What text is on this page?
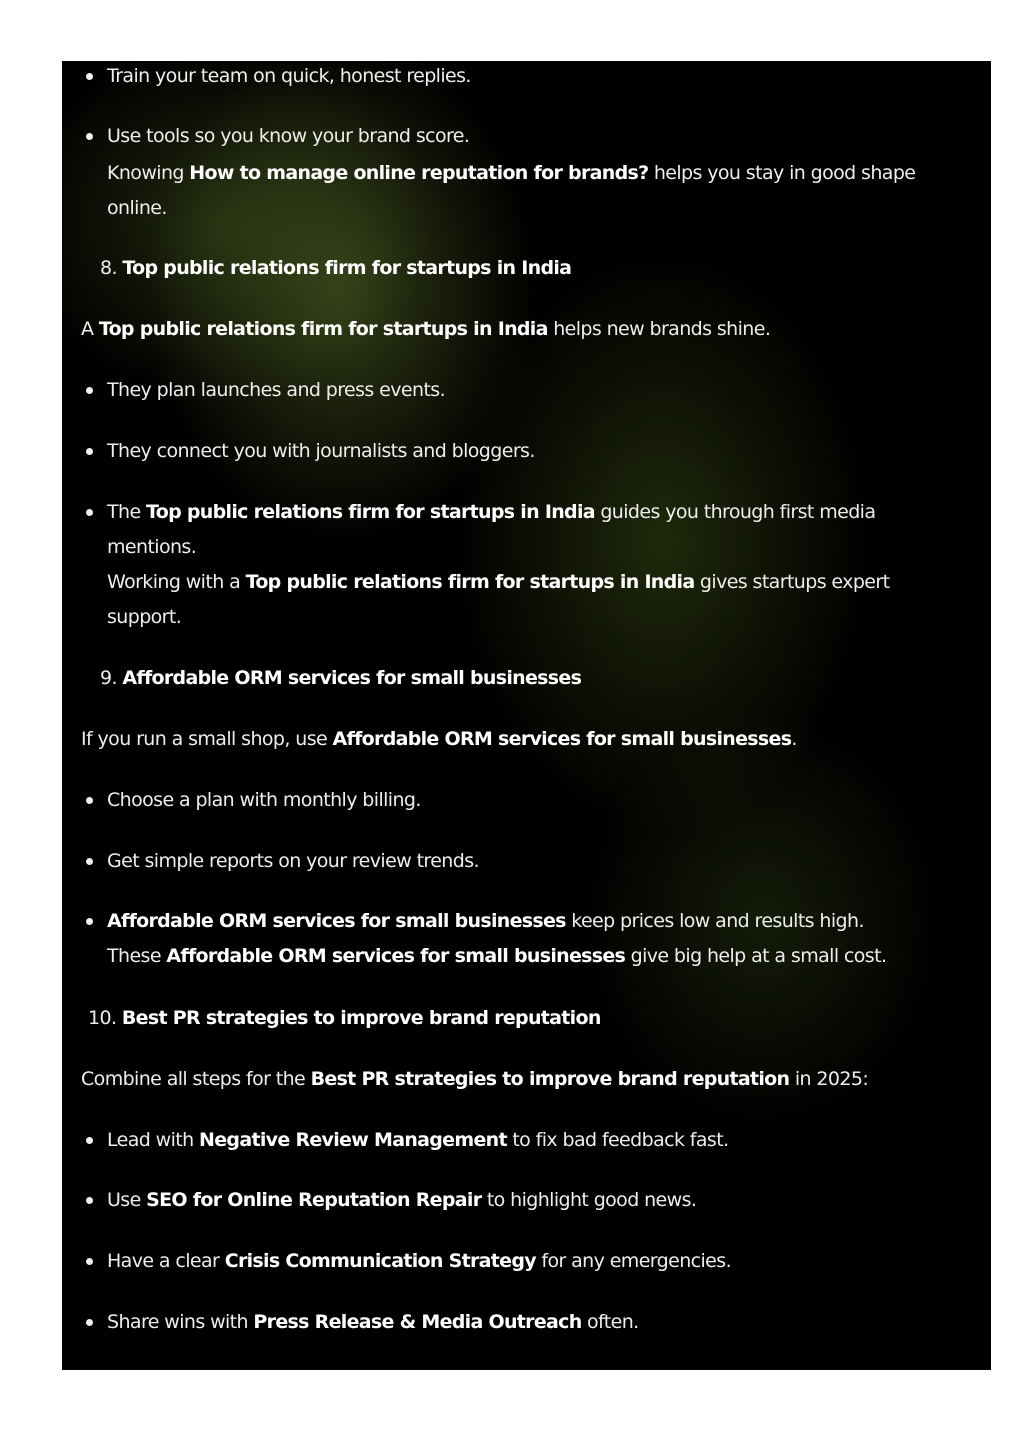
Train your team on quick, honest replies.
Use tools so you know your brand score.
Knowing How to manage online reputation for brands? helps you stay in good shape
online.
8. Top public relations firm for startups in India
A Top public relations firm for startups in India helps new brands shine.
They plan launches and press events.
They connect you with journalists and bloggers.
The Top public relations firm for startups in India guides you through first media
mentions.
Working with a Top public relations firm for startups in India gives startups expert
support.
9. Affordable ORM services for small businesses
If you run a small shop, use Affordable ORM services for small businesses.
Choose a plan with monthly billing.
Get simple reports on your review trends.
Affordable ORM services for small businesses keep prices low and results high.
These Affordable ORM services for small businesses give big help at a small cost.
10. Best PR strategies to improve brand reputation
Combine all steps for the Best PR strategies to improve brand reputation in 2025:
Lead with Negative Review Management to fix bad feedback fast.
Use SEO for Online Reputation Repair to highlight good news.
Have a clear Crisis Communication Strategy for any emergencies.
Share wins with Press Release & Media Outreach often.
